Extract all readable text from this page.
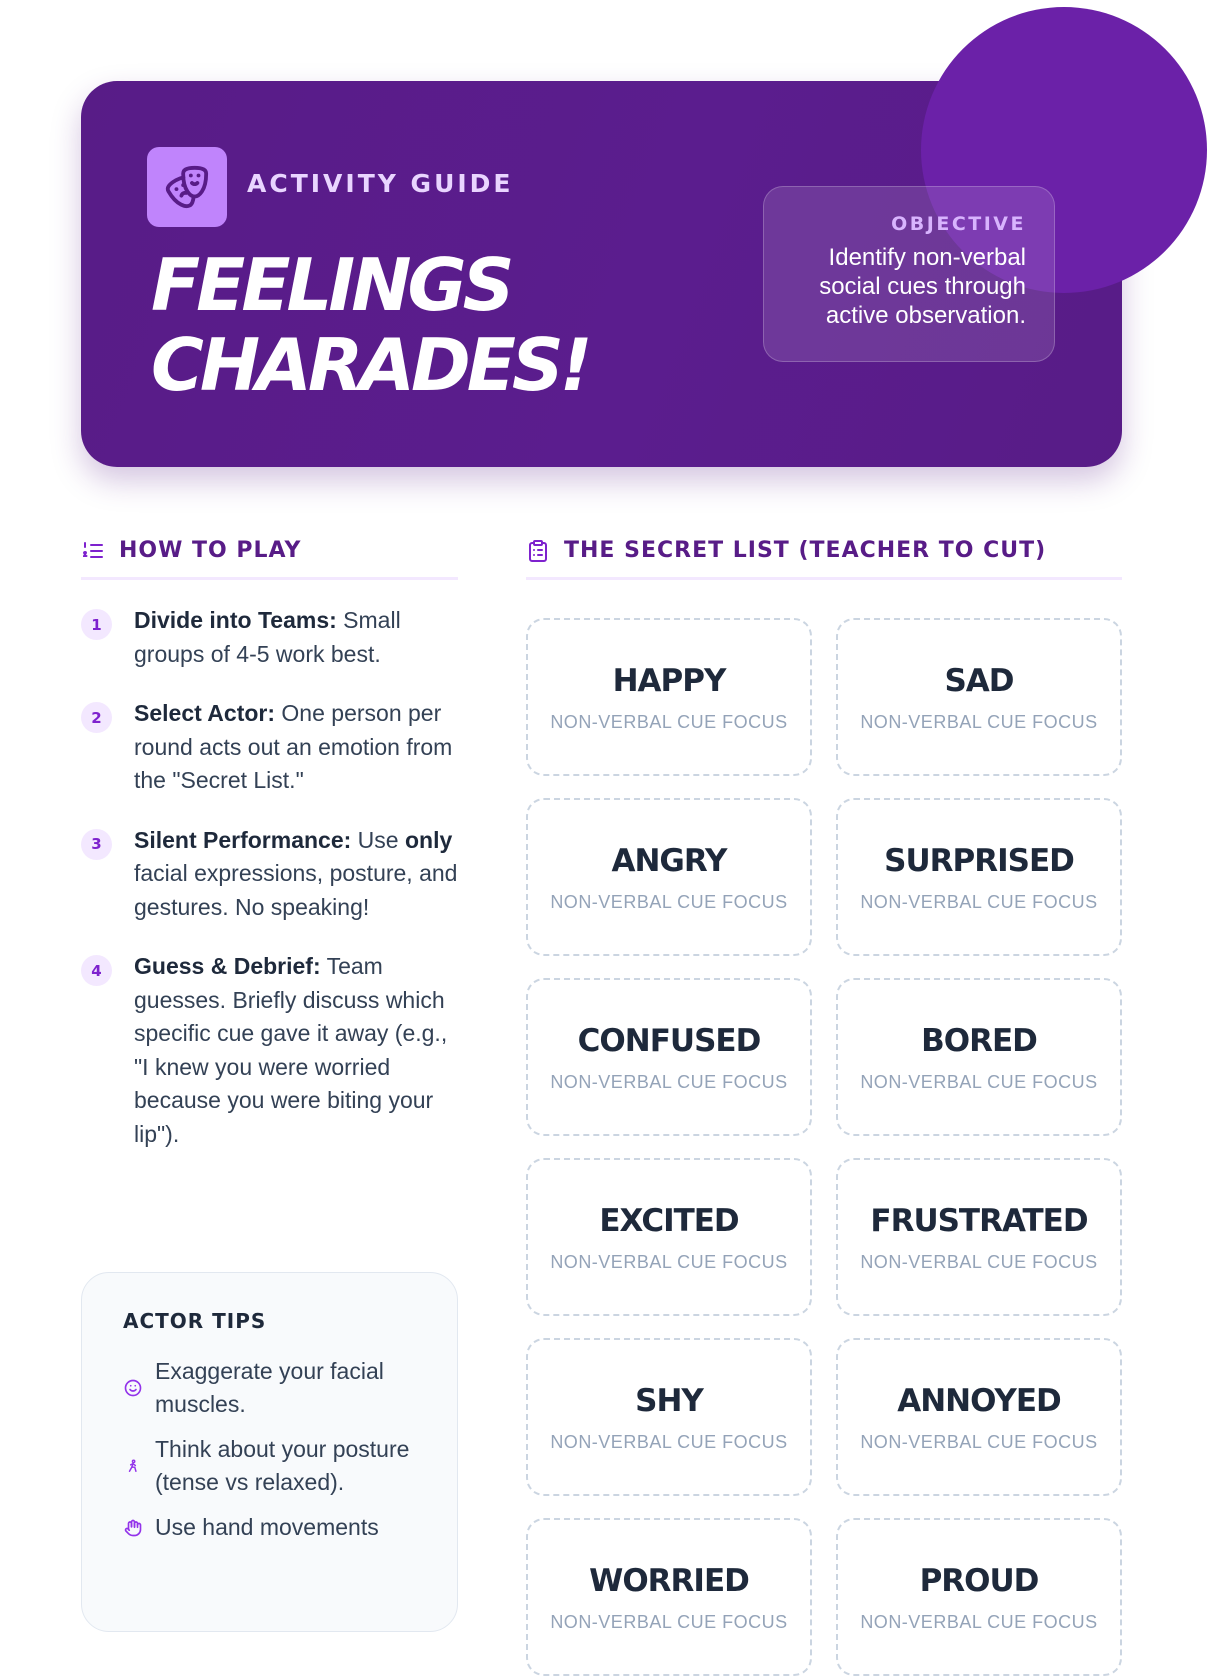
ACTIVITY GUIDE
FEELINGS
CHARADES!
OBJECTIVE
Identify non-verbal social cues through active observation.
HOW TO PLAY
1	Divide into Teams: Small groups of 4-5 work best.
2	Select Actor: One person per round acts out an emotion from the "Secret List."
3	Silent Performance: Use only facial expressions, posture, and gestures. No speaking!
4	Guess & Debrief: Team guesses. Briefly discuss which specific cue gave it away (e.g., "I knew you were worried because you were biting your lip").
ACTOR TIPS
Exaggerate your facial muscles.
Think about your posture (tense vs relaxed).
Use hand movements
THE SECRET LIST (TEACHER TO CUT)
HAPPY
NON-VERBAL CUE FOCUS
SAD
NON-VERBAL CUE FOCUS
ANGRY
NON-VERBAL CUE FOCUS
SURPRISED
NON-VERBAL CUE FOCUS
CONFUSED
NON-VERBAL CUE FOCUS
BORED
NON-VERBAL CUE FOCUS
EXCITED
NON-VERBAL CUE FOCUS
FRUSTRATED
NON-VERBAL CUE FOCUS
SHY
NON-VERBAL CUE FOCUS
ANNOYED
NON-VERBAL CUE FOCUS
WORRIED
NON-VERBAL CUE FOCUS
PROUD
NON-VERBAL CUE FOCUS
